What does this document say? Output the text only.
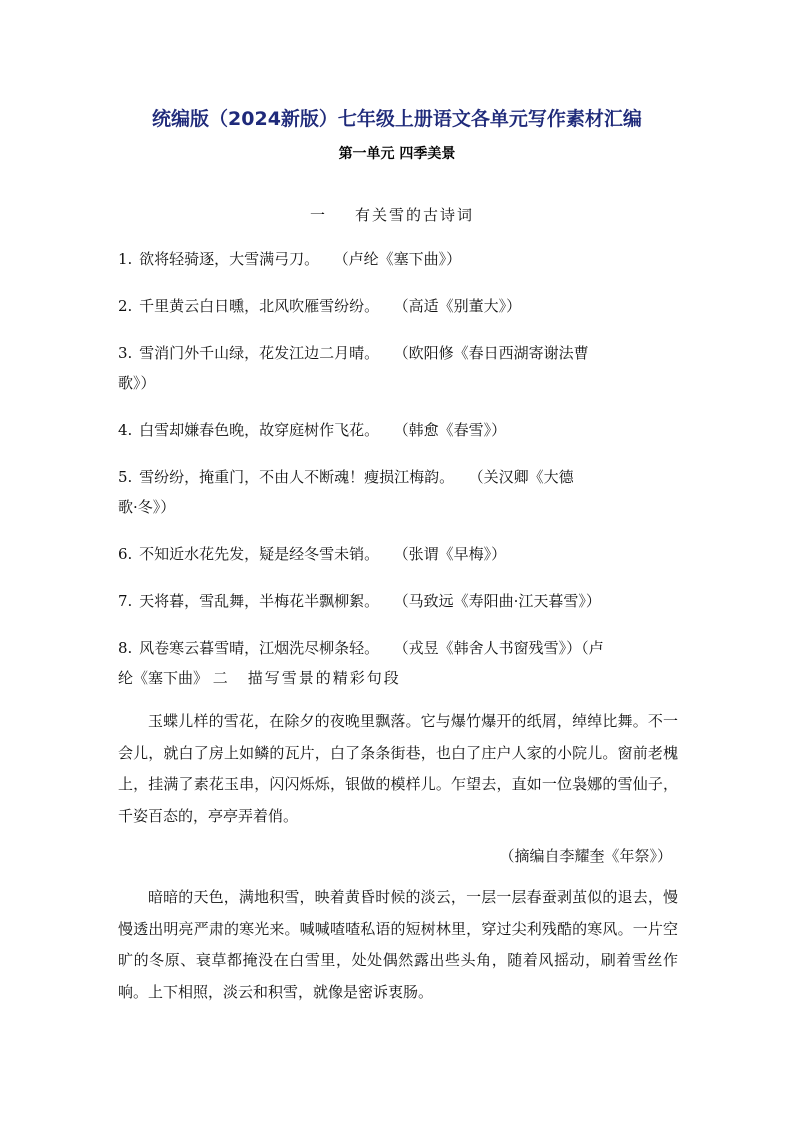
统编版（2024新版）七年级上册语文各单元写作素材汇编
第一单元 四季美景
一 有关雪的古诗词
1. 欲将轻骑逐，大雪满弓刀。 （卢纶《塞下曲》）
2. 千里黄云白日曛，北风吹雁雪纷纷。 （高适《别董大》）
3. 雪消门外千山绿，花发江边二月晴。 （欧阳修《春日西湖寄谢法曹
歌》）
4. 白雪却嫌春色晚，故穿庭树作飞花。 （韩愈《春雪》）
5. 雪纷纷，掩重门，不由人不断魂！瘦损江梅韵。 （关汉卿《大德
歌·冬》）
6. 不知近水花先发，疑是经冬雪未销。 （张谓《早梅》）
7. 天将暮，雪乱舞，半梅花半飘柳絮。 （马致远《寿阳曲·江天暮雪》）
8. 风卷寒云暮雪晴，江烟洗尽柳条轻。 （戎昱《韩舍人书窗残雪》）（卢
纶《塞下曲》 二 描写雪景的精彩句段
玉蝶儿样的雪花，在除夕的夜晚里飘落。它与爆竹爆开的纸屑，绰绰比舞。不一会儿，就白了房上如鳞的瓦片，白了条条街巷，也白了庄户人家的小院儿。窗前老槐上，挂满了素花玉串，闪闪烁烁，银做的模样儿。乍望去，直如一位袅娜的雪仙子，千姿百态的，亭亭弄着俏。
（摘编自李耀奎《年祭》）
暗暗的天色，满地积雪，映着黄昏时候的淡云，一层一层春蚕剥茧似的退去，慢慢透出明亮严肃的寒光来。喊喊喳喳私语的短树林里，穿过尖利残酷的寒风。一片空旷的冬原、衰草都掩没在白雪里，处处偶然露出些头角，随着风摇动，刷着雪丝作响。上下相照，淡云和积雪，就像是密诉衷肠。
